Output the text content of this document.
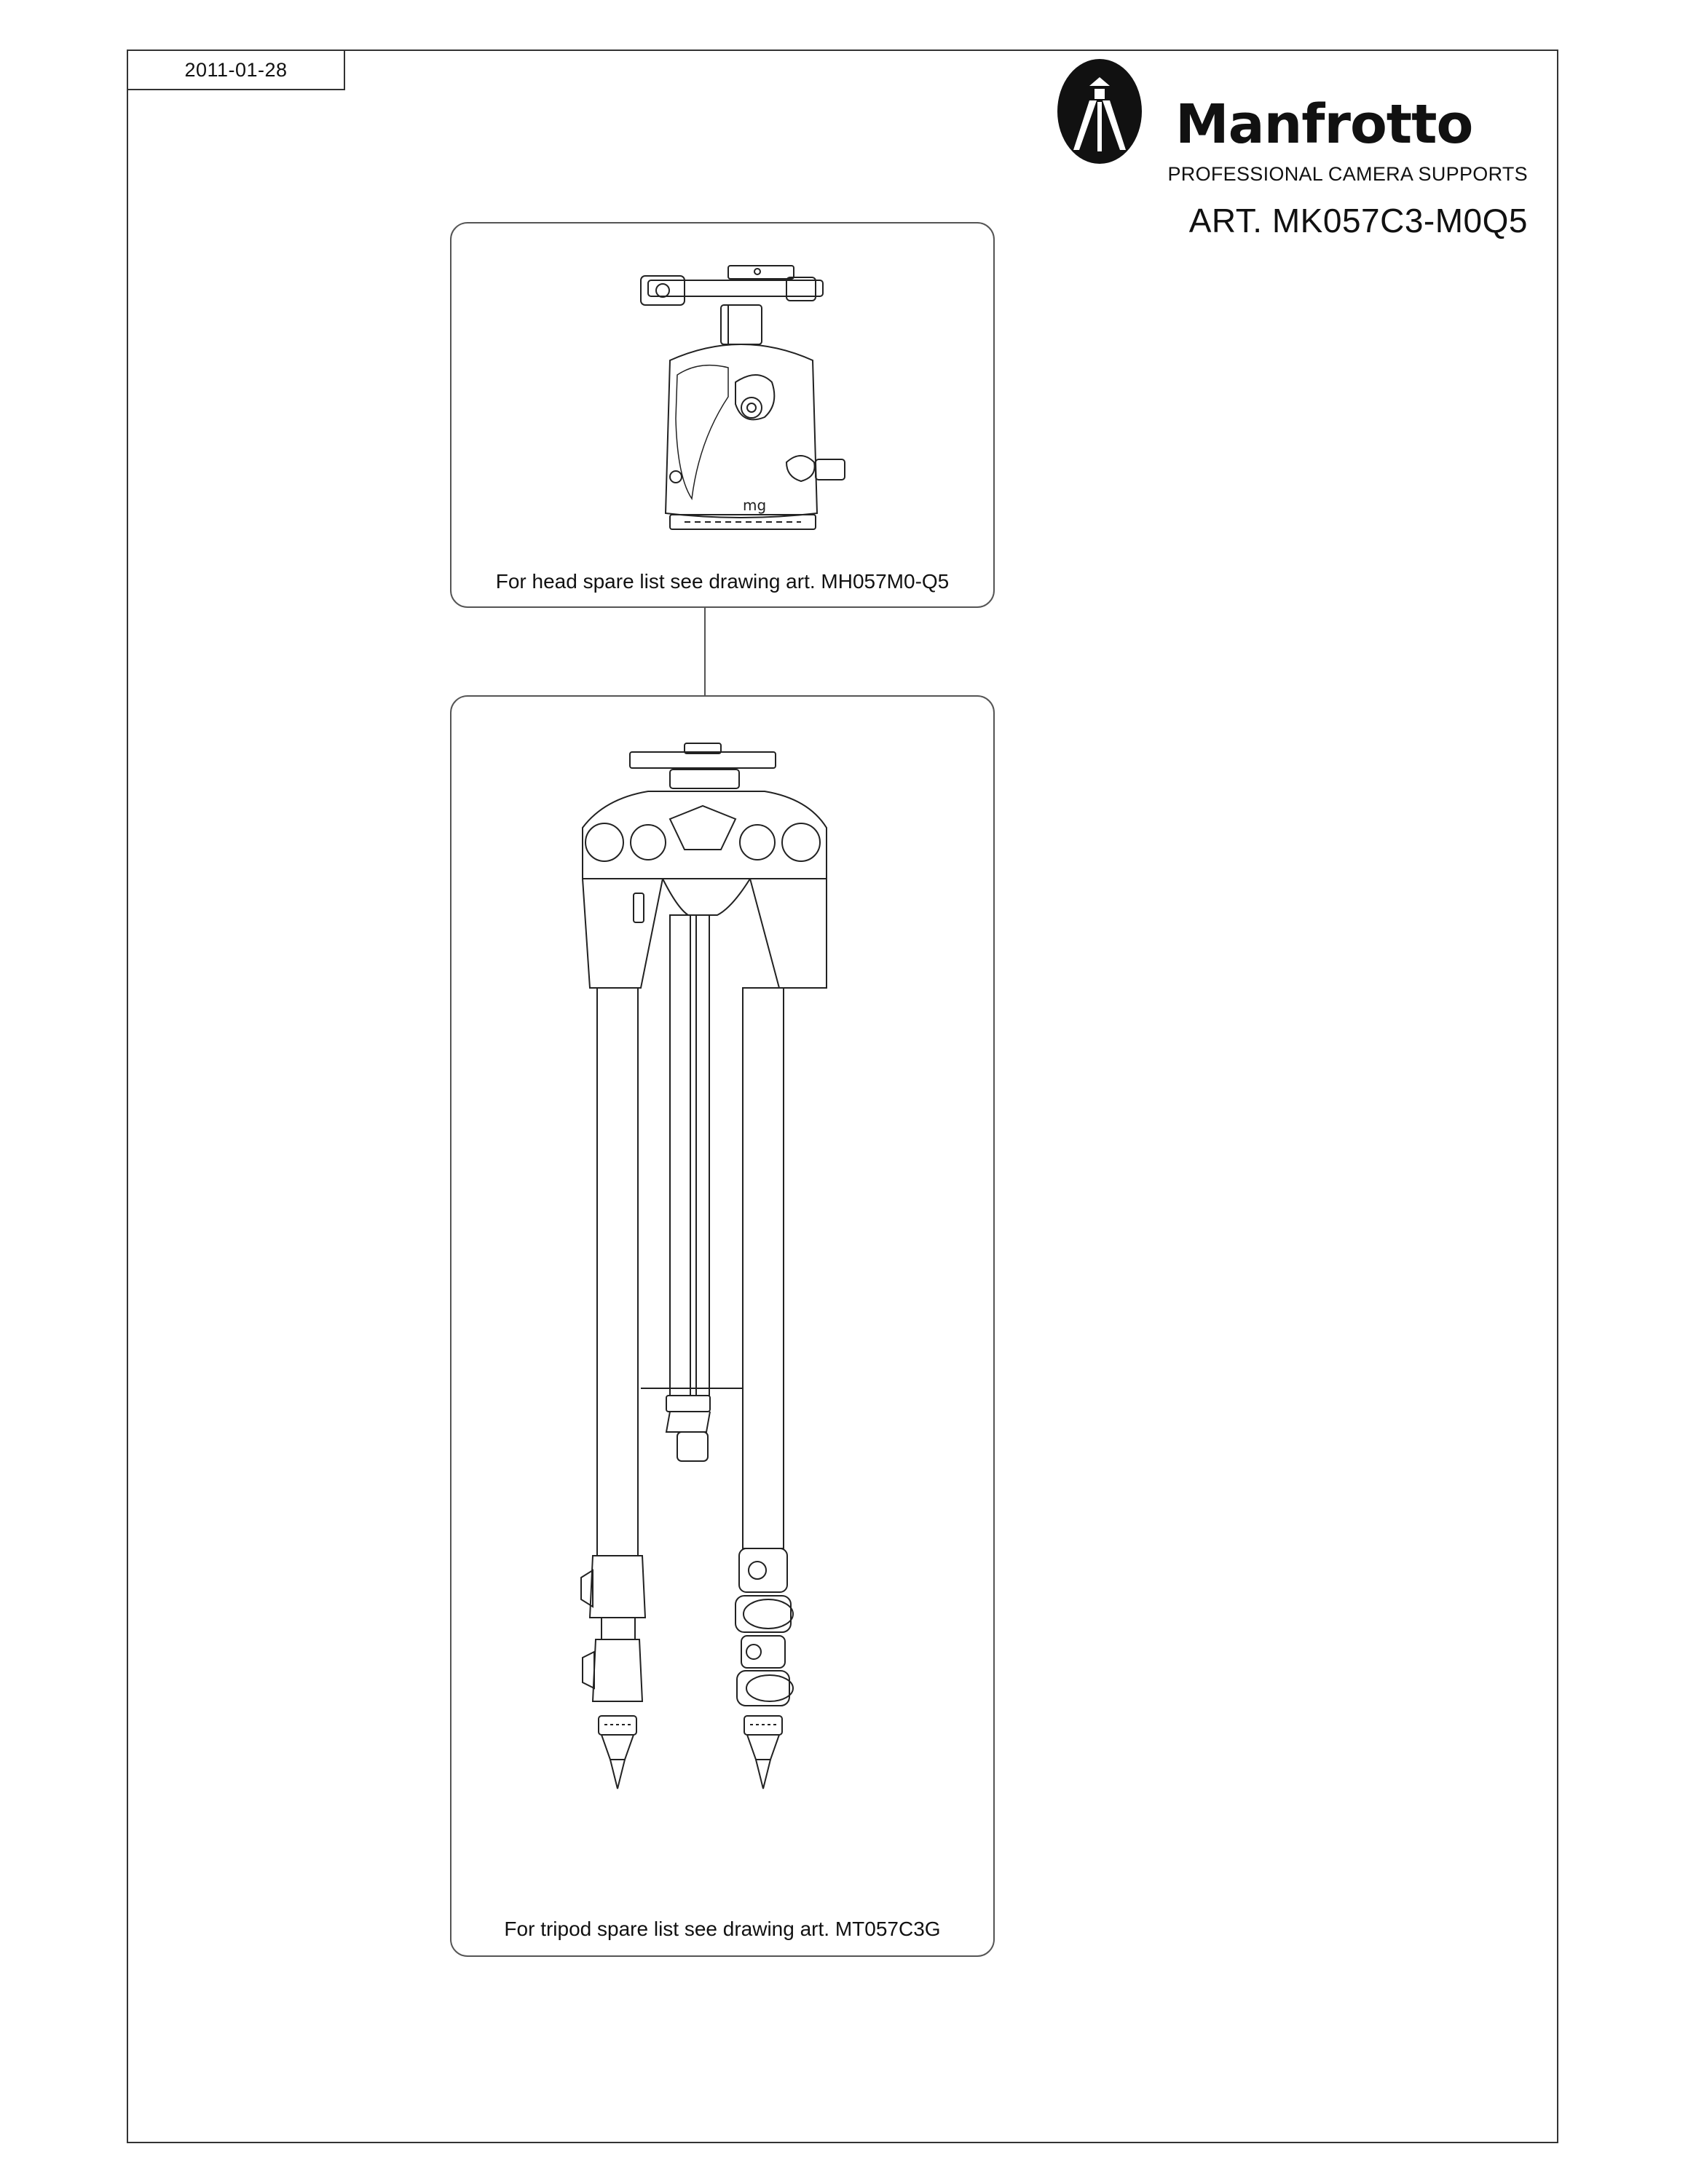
2011-01-28
Manfrotto
PROFESSIONAL CAMERA SUPPORTS
ART. MK057C3-M0Q5
mg
For head spare list see drawing art. MH057M0-Q5
For tripod spare list see drawing art. MT057C3G
